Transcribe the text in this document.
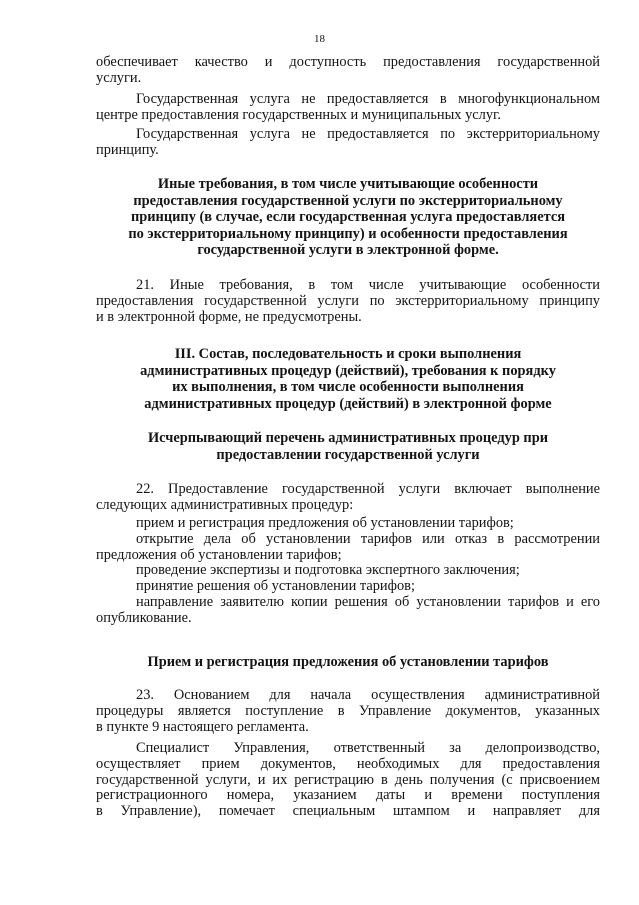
18
обеспечивает качество и доступность предоставления государственной
услуги.
Государственная услуга не предоставляется в многофункциональном
центре предоставления государственных и муниципальных услуг.
Государственная услуга не предоставляется по экстерриториальному
принципу.
Иные требования, в том числе учитывающие особенности
предоставления государственной услуги по экстерриториальному
принципу (в случае, если государственная услуга предоставляется
по экстерриториальному принципу) и особенности предоставления
государственной услуги в электронной форме.
21. Иные требования, в том числе учитывающие особенности
предоставления государственной услуги по экстерриториальному принципу
и в электронной форме, не предусмотрены.
III. Состав, последовательность и сроки выполнения
административных процедур (действий), требования к порядку
их выполнения, в том числе особенности выполнения
административных процедур (действий) в электронной форме
Исчерпывающий перечень административных процедур при
предоставлении государственной услуги
22. Предоставление государственной услуги включает выполнение
следующих административных процедур:
прием и регистрация предложения об установлении тарифов;
открытие дела об установлении тарифов или отказ в рассмотрении
предложения об установлении тарифов;
проведение экспертизы и подготовка экспертного заключения;
принятие решения об установлении тарифов;
направление заявителю копии решения об установлении тарифов и его
опубликование.
Прием и регистрация предложения об установлении тарифов
23. Основанием для начала осуществления административной
процедуры является поступление в Управление документов, указанных
в пункте 9 настоящего регламента.
Специалист Управления, ответственный за делопроизводство,
осуществляет прием документов, необходимых для предоставления
государственной услуги, и их регистрацию в день получения (с присвоением
регистрационного номера, указанием даты и времени поступления
в Управление), помечает специальным штампом и направляет для
